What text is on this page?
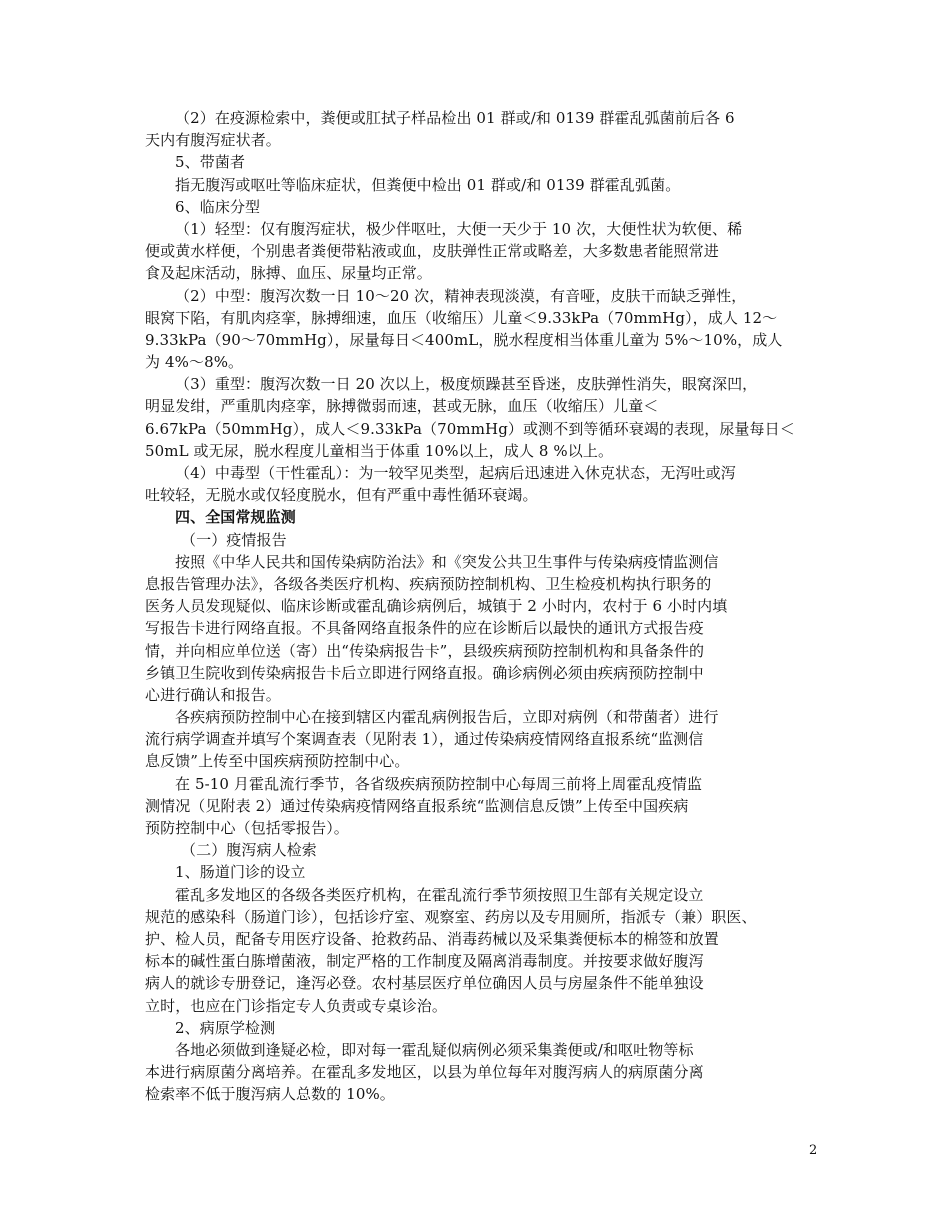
（2）在疫源检索中，粪便或肛拭子样品检出 01 群或/和 0139 群霍乱弧菌前后各 6
天内有腹泻症状者。
5、带菌者
指无腹泻或呕吐等临床症状，但粪便中检出 01 群或/和 0139 群霍乱弧菌。
6、临床分型
（1）轻型：仅有腹泻症状，极少伴呕吐，大便一天少于 10 次，大便性状为软便、稀
便或黄水样便，个别患者粪便带粘液或血，皮肤弹性正常或略差，大多数患者能照常进
食及起床活动，脉搏、血压、尿量均正常。
（2）中型：腹泻次数一日 10～20 次，精神表现淡漠，有音哑，皮肤干而缺乏弹性，
眼窝下陷，有肌肉痉挛，脉搏细速，血压（收缩压）儿童＜9.33kPa（70mmHg），成人 12～
9.33kPa（90～70mmHg），尿量每日＜400mL，脱水程度相当体重儿童为 5%～10%，成人
为 4%～8%。
（3）重型：腹泻次数一日 20 次以上，极度烦躁甚至昏迷，皮肤弹性消失，眼窝深凹，
明显发绀，严重肌肉痉挛，脉搏微弱而速，甚或无脉，血压（收缩压）儿童＜
6.67kPa（50mmHg），成人＜9.33kPa（70mmHg）或测不到等循环衰竭的表现，尿量每日＜
50mL 或无尿，脱水程度儿童相当于体重 10%以上，成人 8 %以上。
（4）中毒型（干性霍乱）：为一较罕见类型，起病后迅速进入休克状态，无泻吐或泻
吐较轻，无脱水或仅轻度脱水，但有严重中毒性循环衰竭。
四、全国常规监测
（一）疫情报告
按照《中华人民共和国传染病防治法》和《突发公共卫生事件与传染病疫情监测信
息报告管理办法》，各级各类医疗机构、疾病预防控制机构、卫生检疫机构执行职务的
医务人员发现疑似、临床诊断或霍乱确诊病例后，城镇于 2 小时内，农村于 6 小时内填
写报告卡进行网络直报。不具备网络直报条件的应在诊断后以最快的通讯方式报告疫
情，并向相应单位送（寄）出“传染病报告卡”，县级疾病预防控制机构和具备条件的
乡镇卫生院收到传染病报告卡后立即进行网络直报。确诊病例必须由疾病预防控制中
心进行确认和报告。
各疾病预防控制中心在接到辖区内霍乱病例报告后，立即对病例（和带菌者）进行
流行病学调查并填写个案调查表（见附表 1），通过传染病疫情网络直报系统“监测信
息反馈”上传至中国疾病预防控制中心。
在 5-10 月霍乱流行季节，各省级疾病预防控制中心每周三前将上周霍乱疫情监
测情况（见附表 2）通过传染病疫情网络直报系统“监测信息反馈”上传至中国疾病
预防控制中心（包括零报告）。
（二）腹泻病人检索
1、肠道门诊的设立
霍乱多发地区的各级各类医疗机构，在霍乱流行季节须按照卫生部有关规定设立
规范的感染科（肠道门诊），包括诊疗室、观察室、药房以及专用厕所，指派专（兼）职医、
护、检人员，配备专用医疗设备、抢救药品、消毒药械以及采集粪便标本的棉签和放置
标本的碱性蛋白胨增菌液，制定严格的工作制度及隔离消毒制度。并按要求做好腹泻
病人的就诊专册登记，逢泻必登。农村基层医疗单位确因人员与房屋条件不能单独设
立时，也应在门诊指定专人负责或专桌诊治。
2、病原学检测
各地必须做到逢疑必检，即对每一霍乱疑似病例必须采集粪便或/和呕吐物等标
本进行病原菌分离培养。在霍乱多发地区，以县为单位每年对腹泻病人的病原菌分离
检索率不低于腹泻病人总数的 10%。
2
